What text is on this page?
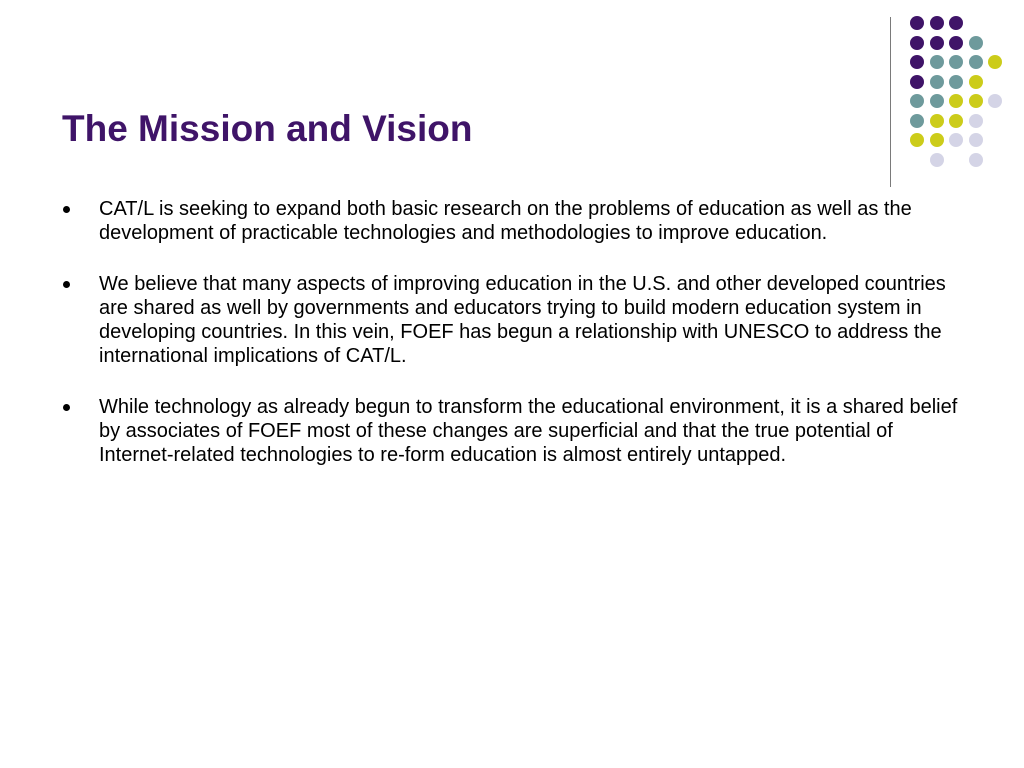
The Mission and Vision
CAT/L is seeking to expand both basic research on the problems of education as well as the development of practicable technologies and methodologies to improve education.
We believe that many aspects of improving education in the U.S. and other developed countries are shared as well by governments and educators trying to build modern education system in developing countries. In this vein, FOEF has begun a relationship with UNESCO to address the international implications of CAT/L.
While technology as already begun to transform the educational environment, it is a shared belief by associates of FOEF most of these changes are superficial and that the true potential of Internet-related technologies to re-form education is almost entirely untapped.
